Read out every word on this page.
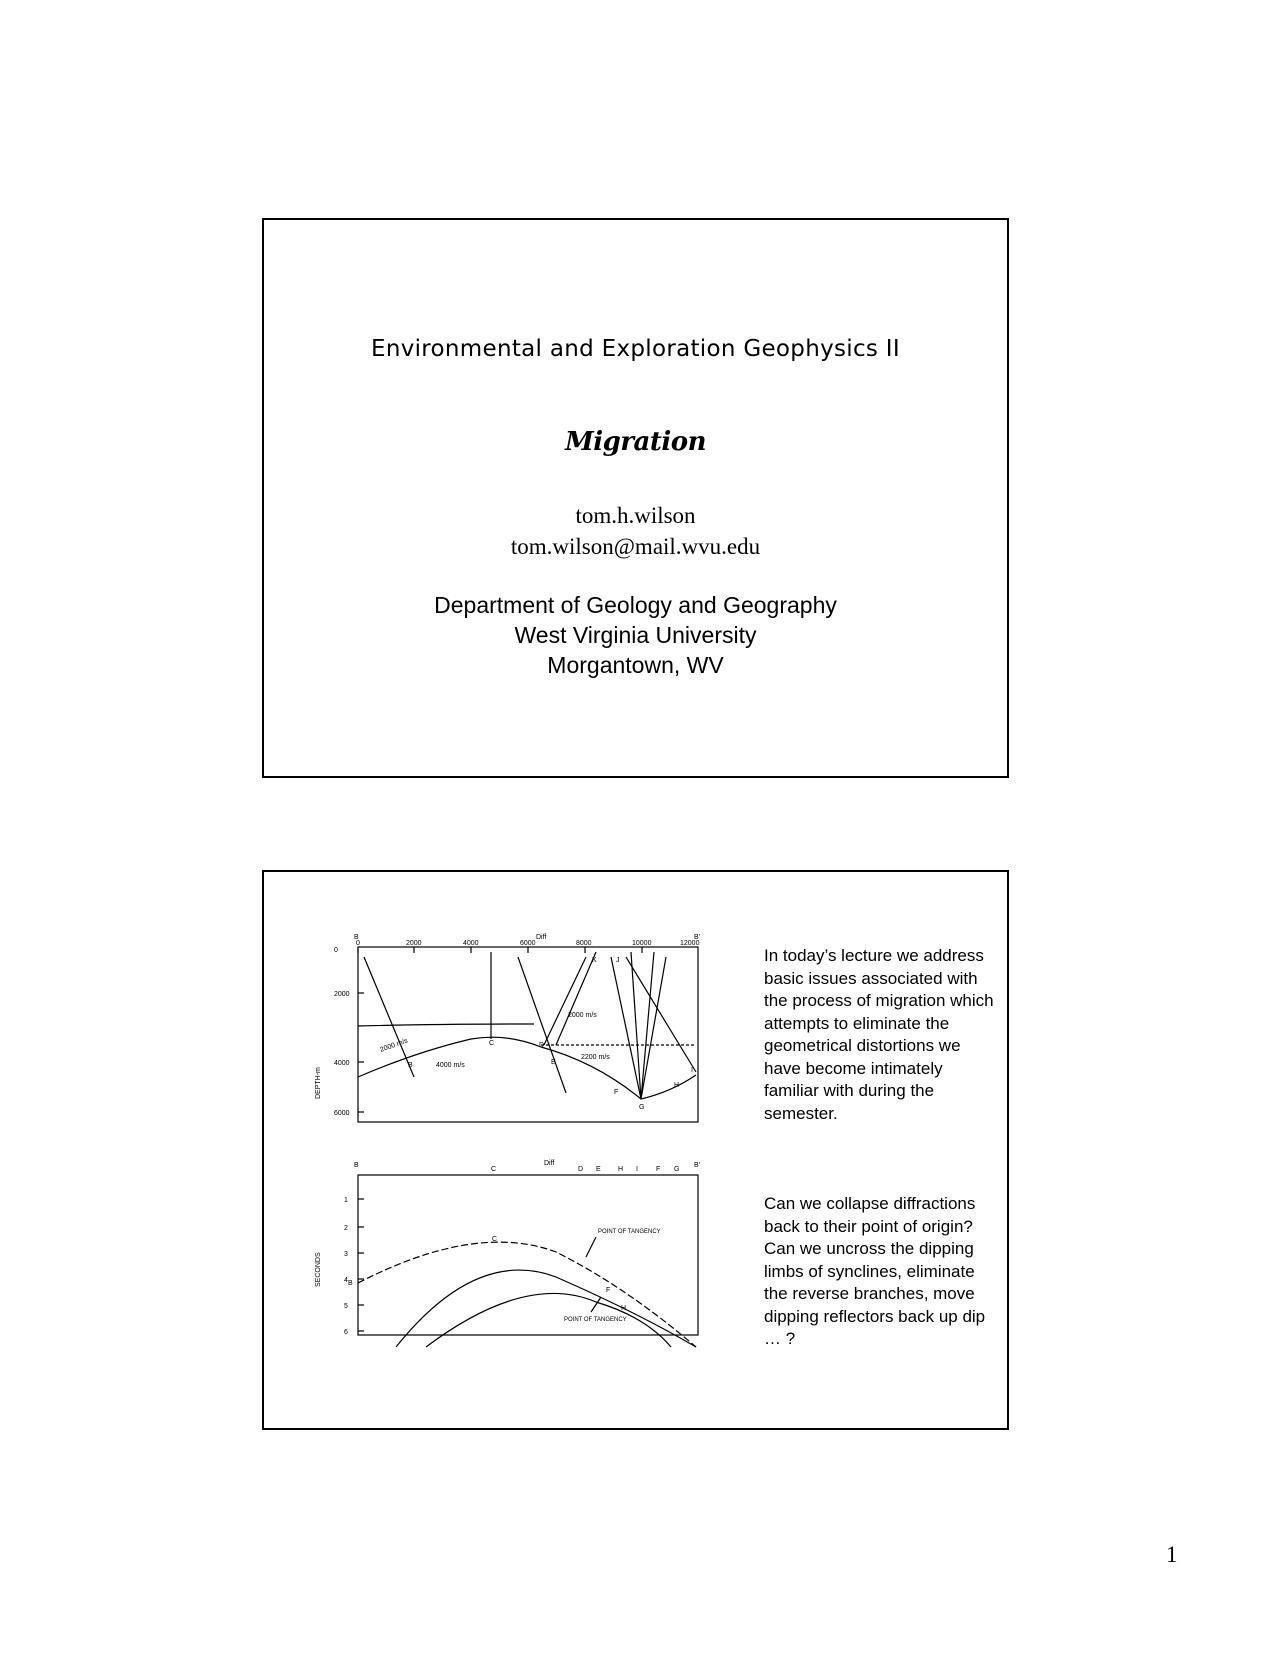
Environmental and Exploration Geophysics II
Migration
tom.h.wilson
tom.wilson@mail.wvu.edu
Department of Geology and Geography
West Virginia University
Morgantown, WV
B	B'
0	2000	4000	6000	8000	10000	12000
0
2000
4000
6000
DEPTH-m
2000 m/s
4000 m/s
2000 m/s
2200 m/s
C
Diff
D
E
H
I
F
G
J
K
B
B	B'
1
2
3
4
5
6
SECONDS
C
Diff
D E H I	F G
POINT OF TANGENCY
POINT OF TANGENCY
C
B
H
F
In today’s lecture we address basic issues associated with the process of migration which attempts to eliminate the geometrical distortions we have become intimately familiar with during the semester.
Can we collapse diffractions back to their point of origin? Can we uncross the dipping limbs of synclines, eliminate the reverse branches, move dipping reflectors back up dip … ?
1
